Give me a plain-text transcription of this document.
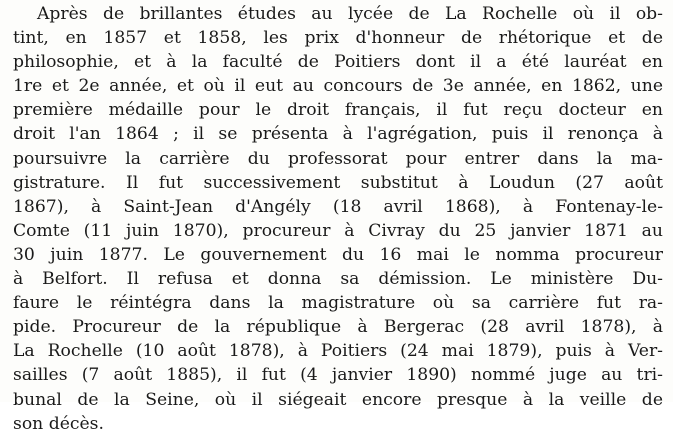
Après de brillantes études au lycée de La Rochelle où il ob-
tint, en 1857 et 1858, les prix d'honneur de rhétorique et de
philosophie, et à la faculté de Poitiers dont il a été lauréat en
1re et 2e année, et où il eut au concours de 3e année, en 1862, une
première médaille pour le droit français, il fut reçu docteur en
droit l'an 1864 ; il se présenta à l'agrégation, puis il renonça à
poursuivre la carrière du professorat pour entrer dans la ma-
gistrature. Il fut successivement substitut à Loudun (27 août
1867), à Saint-Jean d'Angély (18 avril 1868), à Fontenay-le-
Comte (11 juin 1870), procureur à Civray du 25 janvier 1871 au
30 juin 1877. Le gouvernement du 16 mai le nomma procureur
à Belfort. Il refusa et donna sa démission. Le ministère Du-
faure le réintégra dans la magistrature où sa carrière fut ra-
pide. Procureur de la république à Bergerac (28 avril 1878), à
La Rochelle (10 août 1878), à Poitiers (24 mai 1879), puis à Ver-
sailles (7 août 1885), il fut (4 janvier 1890) nommé juge au tri-
bunal de la Seine, où il siégeait encore presque à la veille de
son décès.
